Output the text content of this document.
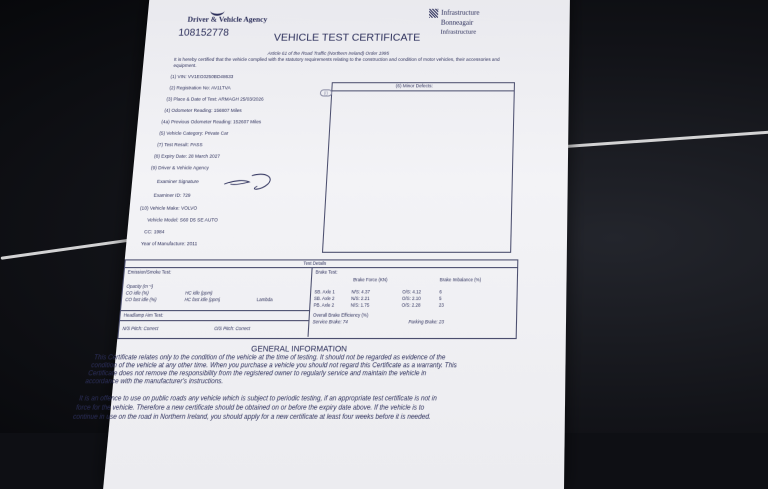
Driver & Vehicle Agency
108152778	VEHICLE TEST CERTIFICATE
Infrastructure
Bonneagair
Infrastructure
Article 61 of the Road Traffic (Northern Ireland) Order 1995
It is hereby certified that the vehicle complied with the statutory requirements relating to the construction and condition of motor vehicles, their accessories and equipment.
(1) VIN: VV1EG0250BD48633
(2) Registration No: AV11TVA
(3) Place & Date of Test: ARMAGH 25/03/2026
(4) Odometer Reading: 156807 Miles
(4a) Previous Odometer Reading: 152607 Miles
(5) Vehicle Category: Private Car
(7) Test Result: PASS
(8) Expiry Date: 28 March 2027
(9) Driver & Vehicle Agency
Examiner Signature
Examiner ID: 729
(10) Vehicle Make: VOLVO
Vehicle Model: S60 D5 SE AUTO
CC: 1984
Year of Manufacture: 2011
(6) Minor Defects:
(i)
Test Details
Emission/Smoke Test:
Opacity (m⁻¹)
CO idle (%)
CO fast idle (%)
HC idle (ppm)
HC fast idle (ppm)	Lambda
Headlamp Aim Test:
N/S Pitch: Correct	O/S Pitch: Correct
Brake Test:
Brake Force (KN)	Brake Imbalance (%)
SB. Axle 1	N/S: 4.37	O/S: 4.12	6
SB. Axle 2	N/S: 2.21	O/S: 2.10	5
PB. Axle 2	N/S: 1.75	O/S: 2.28	23
Overall Brake Efficiency (%)
Service Brake: 74	Parking Brake: 23
GENERAL INFORMATION
This Certificate relates only to the condition of the vehicle at the time of testing. It should not be regarded as evidence of the
condition of the vehicle at any other time. When you purchase a vehicle you should not regard this Certificate as a warranty. This
Certificate does not remove the responsibility from the registered owner to regularly service and maintain the vehicle in
accordance with the manufacturer's instructions.
It is an offence to use on public roads any vehicle which is subject to periodic testing, if an appropriate test certificate is not in
force for the vehicle. Therefore a new certificate should be obtained on or before the expiry date above. If the vehicle is to
continue in use on the road in Northern Ireland, you should apply for a new certificate at least four weeks before it is needed.
